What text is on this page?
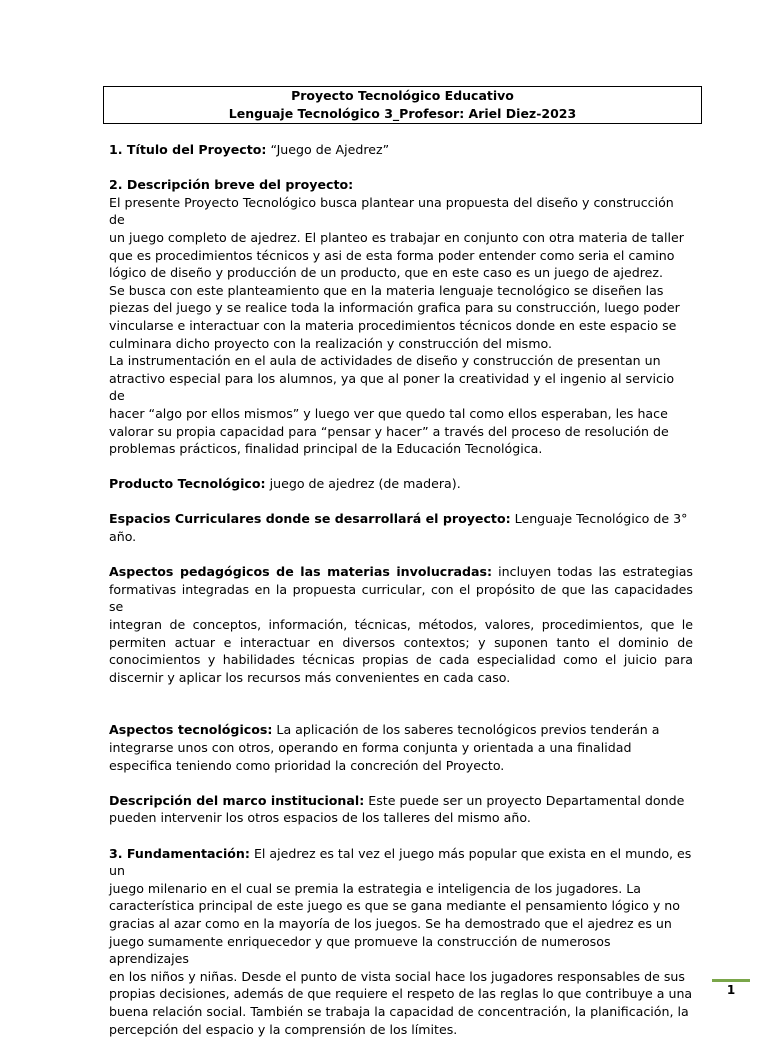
Proyecto Tecnológico Educativo
Lenguaje Tecnológico 3_Profesor: Ariel Diez-2023

1. Título del Proyecto: “Juego de Ajedrez”

2. Descripción breve del proyecto:

El presente Proyecto Tecnológico busca plantear una propuesta del diseño y construcción de

un juego completo de ajedrez. El planteo es trabajar en conjunto con otra materia de taller

que es procedimientos técnicos y asi de esta forma poder entender como seria el camino

lógico de diseño y producción de un producto, que en este caso es un juego de ajedrez.

Se busca con este planteamiento que en la materia lenguaje tecnológico se diseñen las

piezas del juego y se realice toda la información grafica para su construcción, luego poder

vincularse e interactuar con la materia procedimientos técnicos donde en este espacio se

culminara dicho proyecto con la realización y construcción del mismo.

La instrumentación en el aula de actividades de diseño y construcción de presentan un

atractivo especial para los alumnos, ya que al poner la creatividad y el ingenio al servicio de

hacer “algo por ellos mismos” y luego ver que quedo tal como ellos esperaban, les hace

valorar su propia capacidad para “pensar y hacer” a través del proceso de resolución de

problemas prácticos, finalidad principal de la Educación Tecnológica.

Producto Tecnológico: juego de ajedrez (de madera).

Espacios Curriculares donde se desarrollará el proyecto: Lenguaje Tecnológico de 3° año.

Aspectos pedagógicos de las materias involucradas: incluyen todas las estrategias

formativas integradas en la propuesta curricular, con el propósito de que las capacidades se

integran de conceptos, información, técnicas, métodos, valores, procedimientos, que le

permiten actuar e interactuar en diversos contextos; y suponen tanto el dominio de

conocimientos y habilidades técnicas propias de cada especialidad como el juicio para

discernir y aplicar los recursos más convenientes en cada caso.

Aspectos tecnológicos: La aplicación de los saberes tecnológicos previos tenderán a

integrarse unos con otros, operando en forma conjunta y orientada a una finalidad

especifica teniendo como prioridad la concreción del Proyecto.

Descripción del marco institucional: Este puede ser un proyecto Departamental donde

pueden intervenir los otros espacios de los talleres del mismo año.

3. Fundamentación: El ajedrez es tal vez el juego más popular que exista en el mundo, es un

juego milenario en el cual se premia la estrategia e inteligencia de los jugadores. La

característica principal de este juego es que se gana mediante el pensamiento lógico y no

gracias al azar como en la mayoría de los juegos. Se ha demostrado que el ajedrez es un

juego sumamente enriquecedor y que promueve la construcción de numerosos aprendizajes

en los niños y niñas. Desde el punto de vista social hace los jugadores responsables de sus

propias decisiones, además de que requiere el respeto de las reglas lo que contribuye a una

buena relación social. También se trabaja la capacidad de concentración, la planificación, la

percepción del espacio y la comprensión de los límites.

1
